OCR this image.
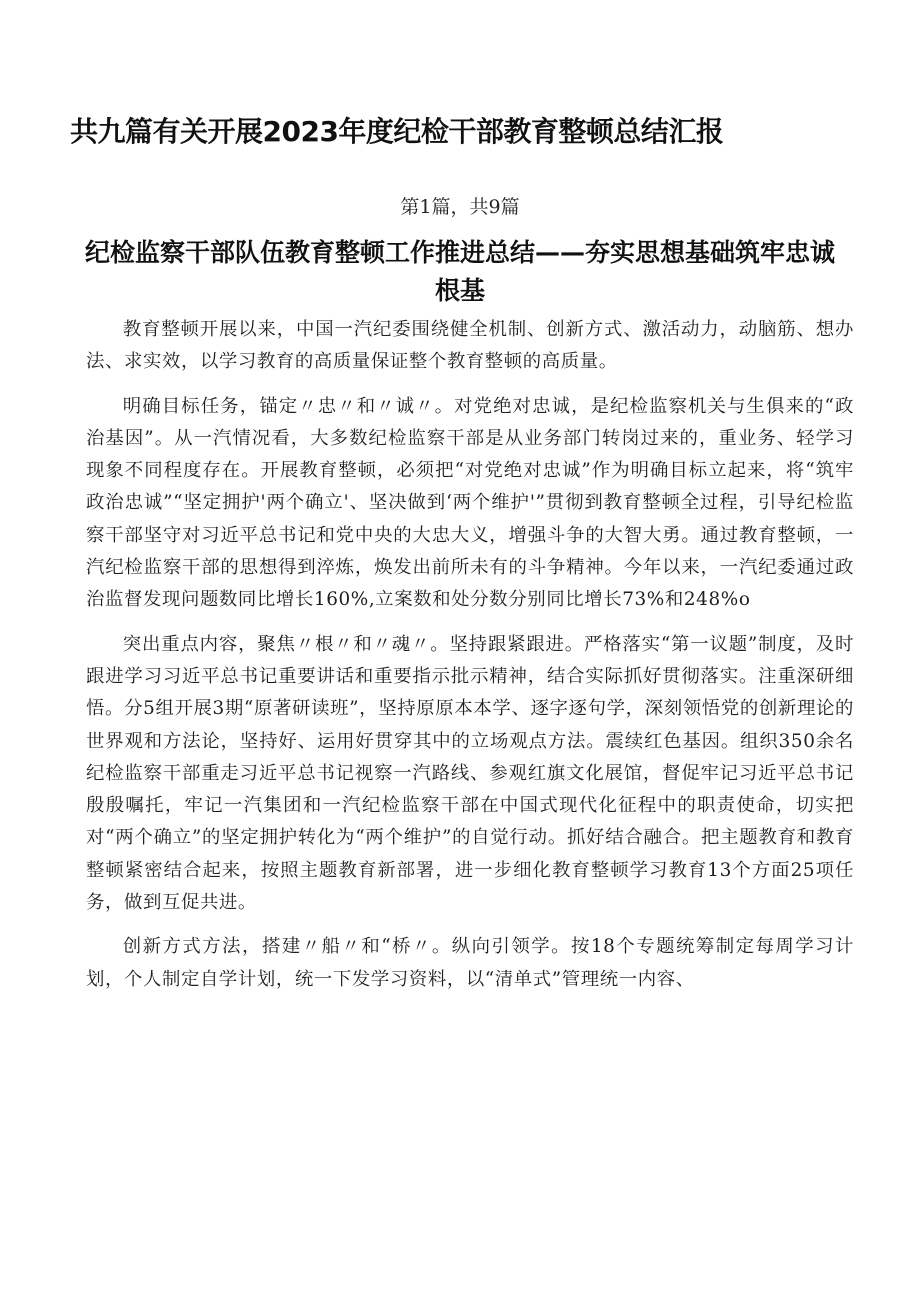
共九篇有关开展2023年度纪检干部教育整顿总结汇报
第1篇，共9篇
纪检监察干部队伍教育整顿工作推进总结——夯实思想基础筑牢忠诚根基

教育整顿开展以来，中国一汽纪委围绕健全机制、创新方式、激活动力，动脑筋、想办法、求实效，以学习教育的高质量保证整个教育整顿的高质量。

明确目标任务，锚定〃忠〃和〃诚〃。对党绝对忠诚，是纪检监察机关与生俱来的“政治基因”。从一汽情况看，大多数纪检监察干部是从业务部门转岗过来的，重业务、轻学习现象不同程度存在。开展教育整顿，必须把“对党绝对忠诚”作为明确目标立起来，将“筑牢政治忠诚”“坚定拥护'两个确立'、坚决做到‘两个维护'”贯彻到教育整顿全过程，引导纪检监察干部坚守对习近平总书记和党中央的大忠大义，增强斗争的大智大勇。通过教育整顿，一汽纪检监察干部的思想得到淬炼，焕发出前所未有的斗争精神。今年以来，一汽纪委通过政治监督发现问题数同比增长160%,立案数和处分数分别同比增长73%和248%o

突出重点内容，聚焦〃根〃和〃魂〃。坚持跟紧跟进。严格落实“第一议题”制度，及时跟进学习习近平总书记重要讲话和重要指示批示精神，结合实际抓好贯彻落实。注重深研细悟。分5组开展3期“原著研读班”，坚持原原本本学、逐字逐句学，深刻领悟党的创新理论的世界观和方法论，坚持好、运用好贯穿其中的立场观点方法。震续红色基因。组织350余名纪检监察干部重走习近平总书记视察一汽路线、参观红旗文化展馆，督促牢记习近平总书记殷殷嘱托，牢记一汽集团和一汽纪检监察干部在中国式现代化征程中的职责使命，切实把对“两个确立”的坚定拥护转化为“两个维护”的自觉行动。抓好结合融合。把主题教育和教育整顿紧密结合起来，按照主题教育新部署，进一步细化教育整顿学习教育13个方面25项任务，做到互促共进。

创新方式方法，搭建〃船〃和“桥〃。纵向引领学。按18个专题统筹制定每周学习计划，个人制定自学计划，统一下发学习资料，以“清单式”管理统一内容、
